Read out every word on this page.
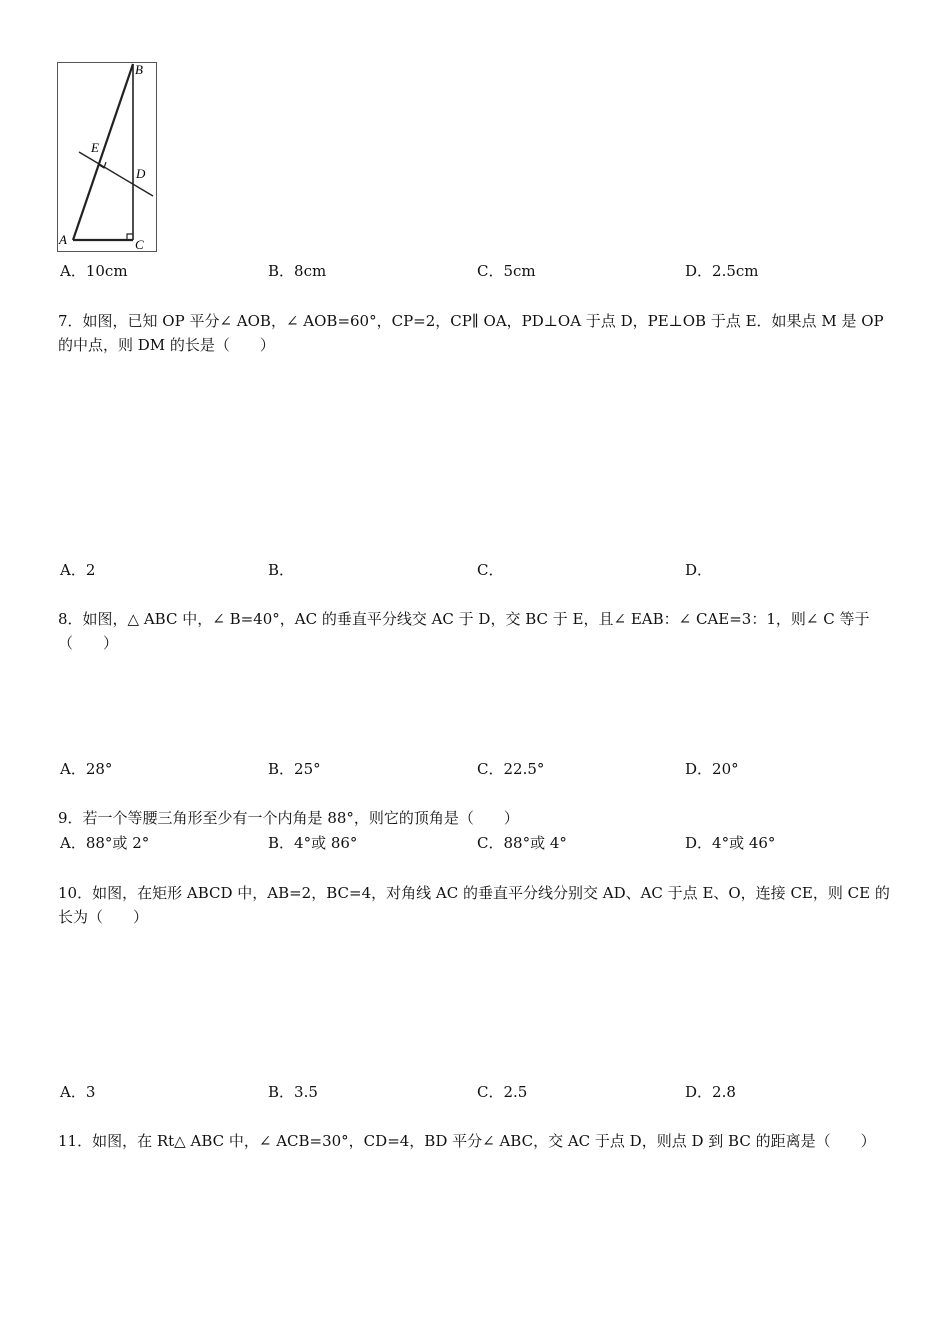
A
B
C
D
E
A．10cm	B．8cm	C．5cm	D．2.5cm
7．如图，已知 OP 平分∠ AOB，∠ AOB=60°，CP=2，CP∥ OA，PD⊥OA 于点 D，PE⊥OB 于点 E．如果点 M 是 OP 的中点，则 DM 的长是（　　）
A．2	B．	C．	D．
8．如图，△ ABC 中，∠ B=40°，AC 的垂直平分线交 AC 于 D，交 BC 于 E，且∠ EAB：∠ CAE=3：1，则∠ C 等于（　　）
A．28°	B．25°	C．22.5°	D．20°
9．若一个等腰三角形至少有一个内角是 88°，则它的顶角是（　　）
A．88°或 2°	B．4°或 86°	C．88°或 4°	D．4°或 46°
10．如图，在矩形 ABCD 中，AB=2，BC=4，对角线 AC 的垂直平分线分别交 AD、AC 于点 E、O，连接 CE，则 CE 的长为（　　）
A．3	B．3.5	C．2.5	D．2.8
11．如图，在 Rt△ ABC 中，∠ ACB=30°，CD=4，BD 平分∠ ABC，交 AC 于点 D，则点 D 到 BC 的距离是（　　）
